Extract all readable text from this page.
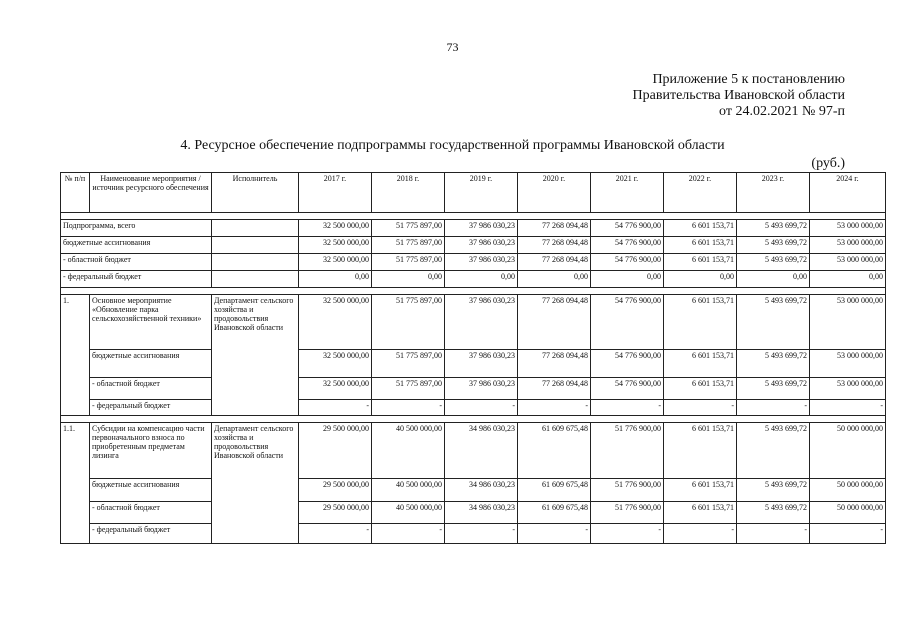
73
Приложение 5 к постановлению
Правительства Ивановской области
от 24.02.2021 № 97-п
4. Ресурсное обеспечение подпрограммы государственной программы Ивановской области
(руб.)
№ п/п	Наименование мероприятия / источник ресурсного обеспечения	Исполнитель	2017 г.	2018 г.	2019 г.	2020 г.	2021 г.	2022 г.	2023 г.	2024 г.

Подпрограмма, всего			32 500 000,00	51 775 897,00	37 986 030,23	77 268 094,48	54 776 900,00	6 601 153,71	5 493 699,72	53 000 000,00
бюджетные ассигнования			32 500 000,00	51 775 897,00	37 986 030,23	77 268 094,48	54 776 900,00	6 601 153,71	5 493 699,72	53 000 000,00
- областной бюджет			32 500 000,00	51 775 897,00	37 986 030,23	77 268 094,48	54 776 900,00	6 601 153,71	5 493 699,72	53 000 000,00
- федеральный бюджет			0,00	0,00	0,00	0,00	0,00	0,00	0,00	0,00

1.	Основное мероприятие «Обновление парка сельскохозяйственной техники»	Департамент сельского хозяйства и продовольствия Ивановской области	32 500 000,00	51 775 897,00	37 986 030,23	77 268 094,48	54 776 900,00	6 601 153,71	5 493 699,72	53 000 000,00
	бюджетные ассигнования		32 500 000,00	51 775 897,00	37 986 030,23	77 268 094,48	54 776 900,00	6 601 153,71	5 493 699,72	53 000 000,00
	- областной бюджет		32 500 000,00	51 775 897,00	37 986 030,23	77 268 094,48	54 776 900,00	6 601 153,71	5 493 699,72	53 000 000,00
	- федеральный бюджет		-	-	-	-	-	-	-	-

1.1.	Субсидии на компенсацию части первоначального взноса по приобретенным предметам лизинга	Департамент сельского хозяйства и продовольствия Ивановской области	29 500 000,00	40 500 000,00	34 986 030,23	61 609 675,48	51 776 900,00	6 601 153,71	5 493 699,72	50 000 000,00
	бюджетные ассигнования		29 500 000,00	40 500 000,00	34 986 030,23	61 609 675,48	51 776 900,00	6 601 153,71	5 493 699,72	50 000 000,00
	- областной бюджет		29 500 000,00	40 500 000,00	34 986 030,23	61 609 675,48	51 776 900,00	6 601 153,71	5 493 699,72	50 000 000,00
	- федеральный бюджет		-	-	-	-	-	-	-	-
